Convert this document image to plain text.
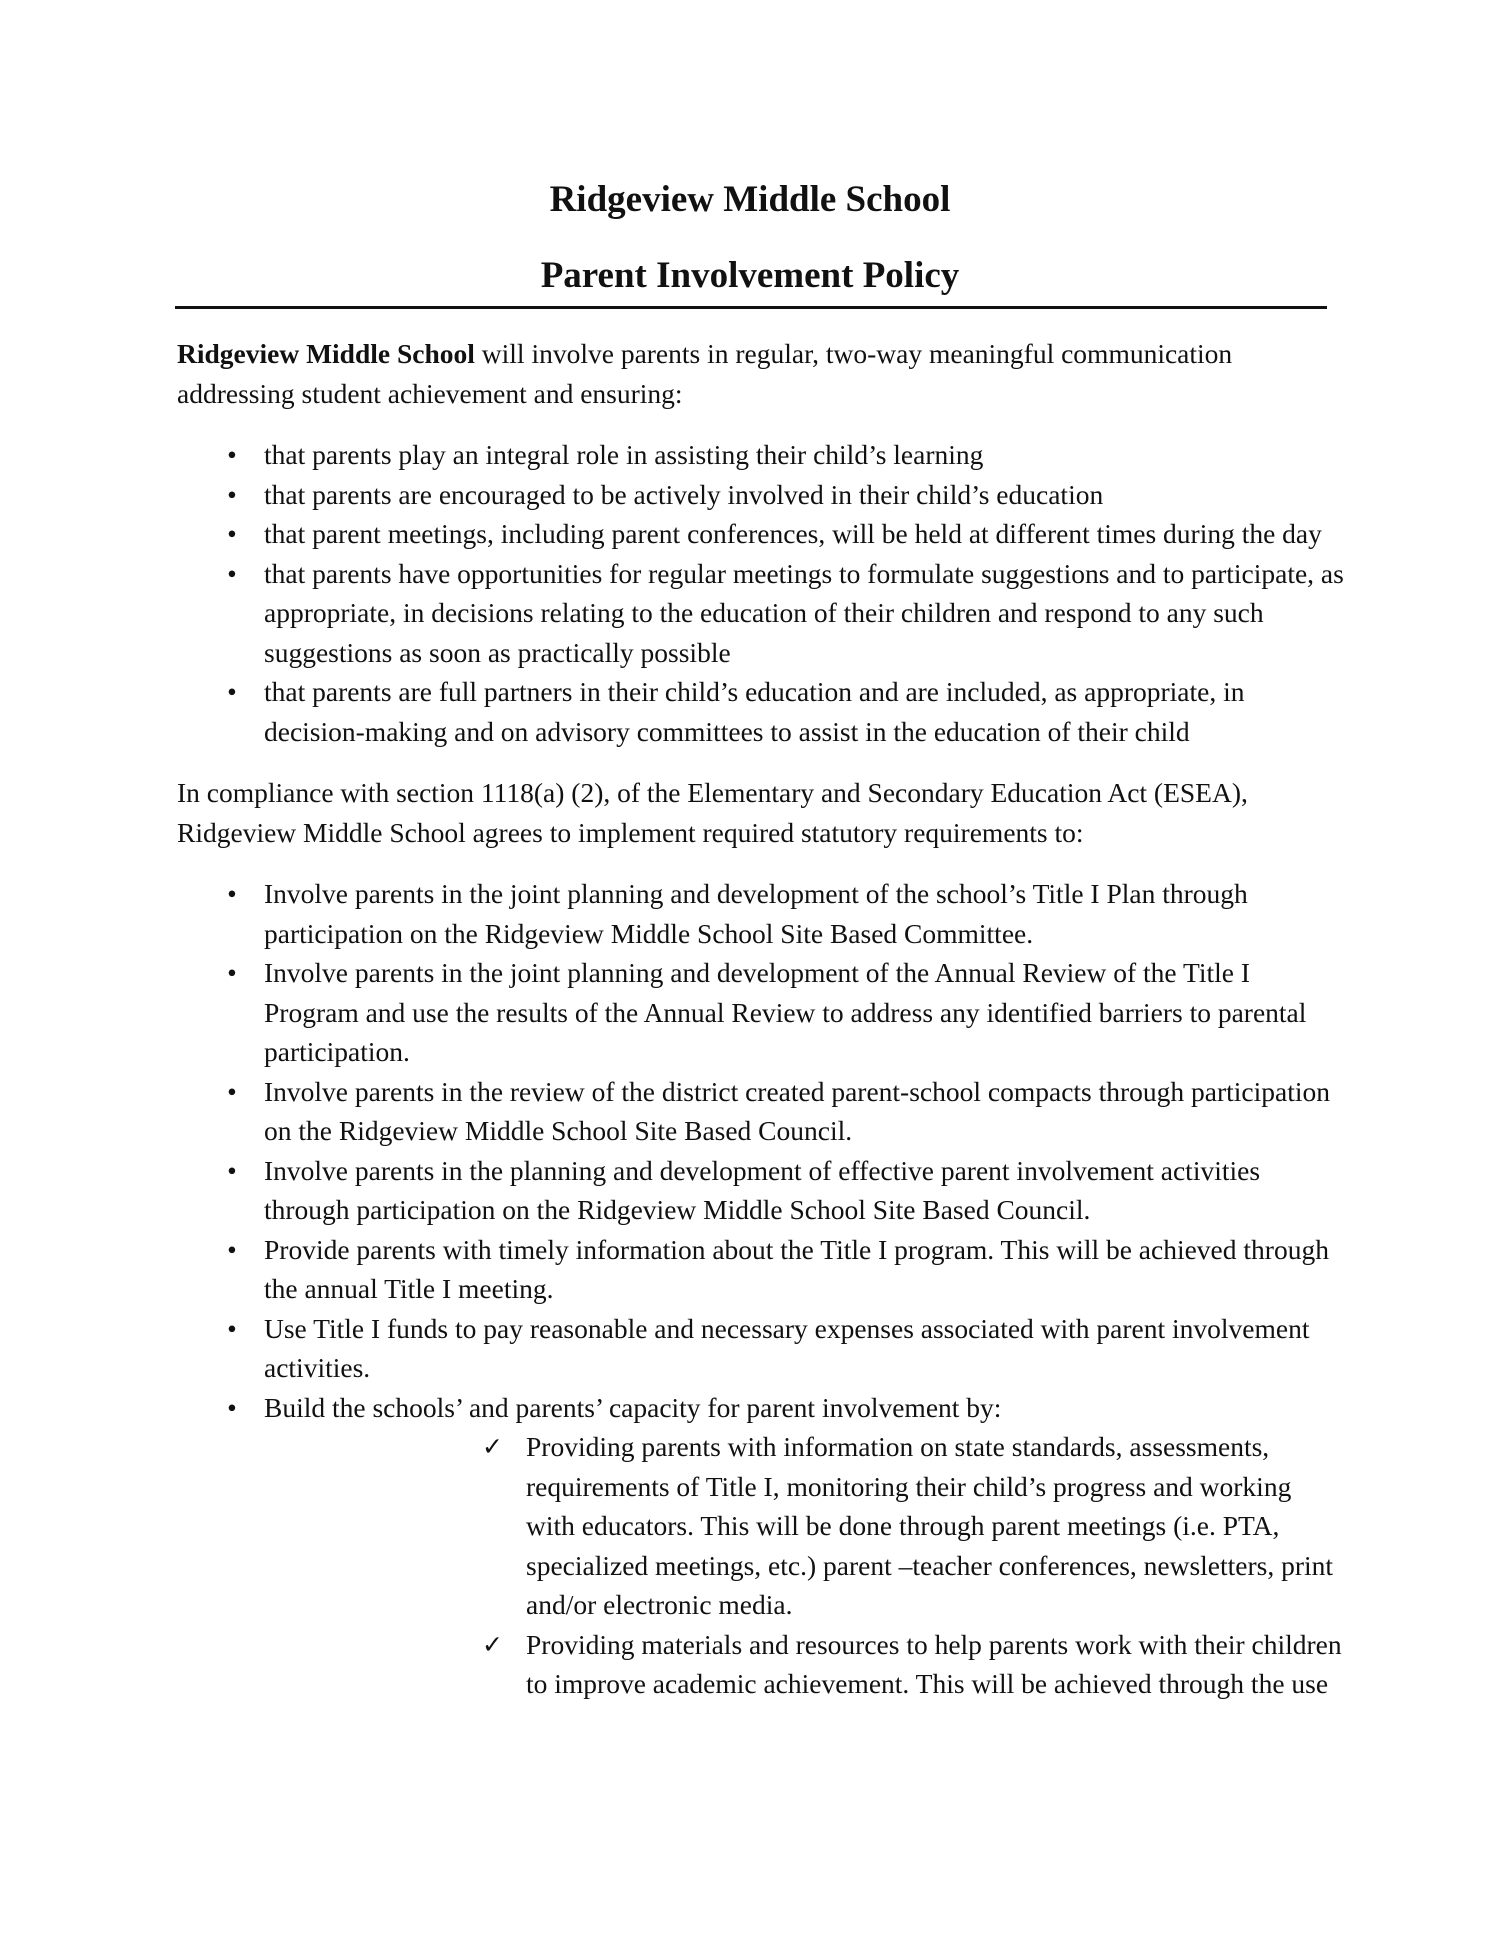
Ridgeview Middle School
Parent Involvement Policy

Ridgeview Middle School will involve parents in regular, two-way meaningful communication addressing student achievement and ensuring:

• that parents play an integral role in assisting their child’s learning
• that parents are encouraged to be actively involved in their child’s education
• that parent meetings, including parent conferences, will be held at different times during the day
• that parents have opportunities for regular meetings to formulate suggestions and to participate, as appropriate, in decisions relating to the education of their children and respond to any such suggestions as soon as practically possible
• that parents are full partners in their child’s education and are included, as appropriate, in decision-making and on advisory committees to assist in the education of their child

In compliance with section 1118(a) (2), of the Elementary and Secondary Education Act (ESEA), Ridgeview Middle School agrees to implement required statutory requirements to:

• Involve parents in the joint planning and development of the school’s Title I Plan through participation on the Ridgeview Middle School Site Based Committee.
• Involve parents in the joint planning and development of the Annual Review of the Title I Program and use the results of the Annual Review to address any identified barriers to parental participation.
• Involve parents in the review of the district created parent-school compacts through participation on the Ridgeview Middle School Site Based Council.
• Involve parents in the planning and development of effective parent involvement activities through participation on the Ridgeview Middle School Site Based Council.
• Provide parents with timely information about the Title I program. This will be achieved through the annual Title I meeting.
• Use Title I funds to pay reasonable and necessary expenses associated with parent involvement activities.
• Build the schools’ and parents’ capacity for parent involvement by:
✓ Providing parents with information on state standards, assessments, requirements of Title I, monitoring their child’s progress and working with educators. This will be done through parent meetings (i.e. PTA, specialized meetings, etc.) parent –teacher conferences, newsletters, print and/or electronic media.
✓ Providing materials and resources to help parents work with their children to improve academic achievement. This will be achieved through the use
